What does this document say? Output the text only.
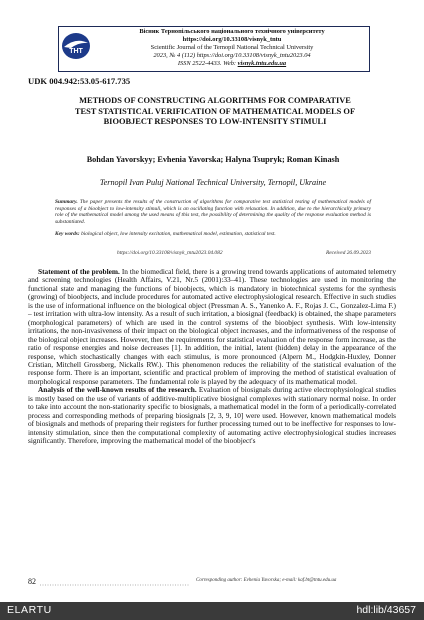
ТНТ
Вісник Тернопільського національного технічного університету
https://doi.org/10.33108/visnyk_tntu
Scientific Journal of the Ternopil National Technical University
2023, № 4 (112) https://doi.org/10.33108/visnyk_tntu2023.04
ISSN 2522-4433. Web: visnyk.tntu.edu.ua
UDK 004.942:53.05-617.735
METHODS OF CONSTRUCTING ALGORITHMS FOR COMPARATIVE TEST STATISTICAL VERIFICATION OF MATHEMATICAL MODELS OF BIOOBJECT RESPONSES TO LOW-INTENSITY STIMULI
Bohdan Yavorskyy; Evhenia Yavorska; Halyna Tsupryk; Roman Kinash
Ternopil Ivan Puluj National Technical University, Ternopil, Ukraine
Summary. The paper presents the results of the construction of algorithms for comparative test statistical testing of mathematical models of responses of a bioobject to low-intensity stimuli, which is an oscillating function with relaxation. In addition, due to the hierarchically primary role of the mathematical model among the used means of this test, the possibility of determining the quality of the response evaluation method is substantiated.
Key words: biological object, low intensity excitation, mathematical model, estimation, statistical test.
https://doi.org/10.33108/visnyk_tntu2023.04.082	Received 26.09.2023

Statement of the problem. In the biomedical field, there is a growing trend towards applications of automated telemetry and screening technologies (Health Affairs, V.21, Nr.5 (2001):33–41). These technologies are used in monitoring the functional state and managing the functions of bioobjects, which is mandatory in biotechnical systems for the synthesis (growing) of bioobjects, and include procedures for automated active electrophysiological research. Effective in such studies is the use of informational influence on the biological object (Pressman A. S., Yanenko A. F., Rojas J. C., Gonzalez-Lima F.) – test irritation with ultra-low intensity. As a result of such irritation, a biosignal (feedback) is obtained, the shape parameters (morphological parameters) of which are used in the control systems of the bioobject synthesis. With low-intensity irritations, the non-invasiveness of their impact on the biological object increases, and the informativeness of the response of the biological object increases. However, then the requirements for statistical evaluation of the response form increase, as the ratio of response energies and noise decreases [1]. In addition, the initial, latent (hidden) delay in the appearance of the response, which stochastically changes with each stimulus, is more pronounced (Alpern M., Hodgkin-Huxley, Donner Cristian, Mitchell Grossberg, Nickalls RW.). This phenomenon reduces the reliability of the statistical evaluation of the response form. There is an important, scientific and practical problem of improving the method of statistical evaluation of morphological response parameters. The fundamental role is played by the adequacy of its mathematical model.

Analysis of the well-known results of the research. Evaluation of biosignals during active electrophysiological studies is mostly based on the use of variants of additive-multiplicative biosignal complexes with stationary normal noise. In order to take into account the non-stationarity specific to biosignals, a mathematical model in the form of a periodically-correlated process and corresponding methods of preparing biosignals [2, 3, 9, 10] were used. However, known mathematical models of biosignals and methods of preparing their registers for further processing turned out to be ineffective for responses to low-intensity stimulation, since then the computational complexity of automating active electrophysiological studies increases significantly. Therefore, improving the mathematical model of the bioobject's

82	Corresponding author: Evhenia Yavorska; e-mail: kaf.bt@tntu.edu.ua
ELARTU	hdl:lib/43657
